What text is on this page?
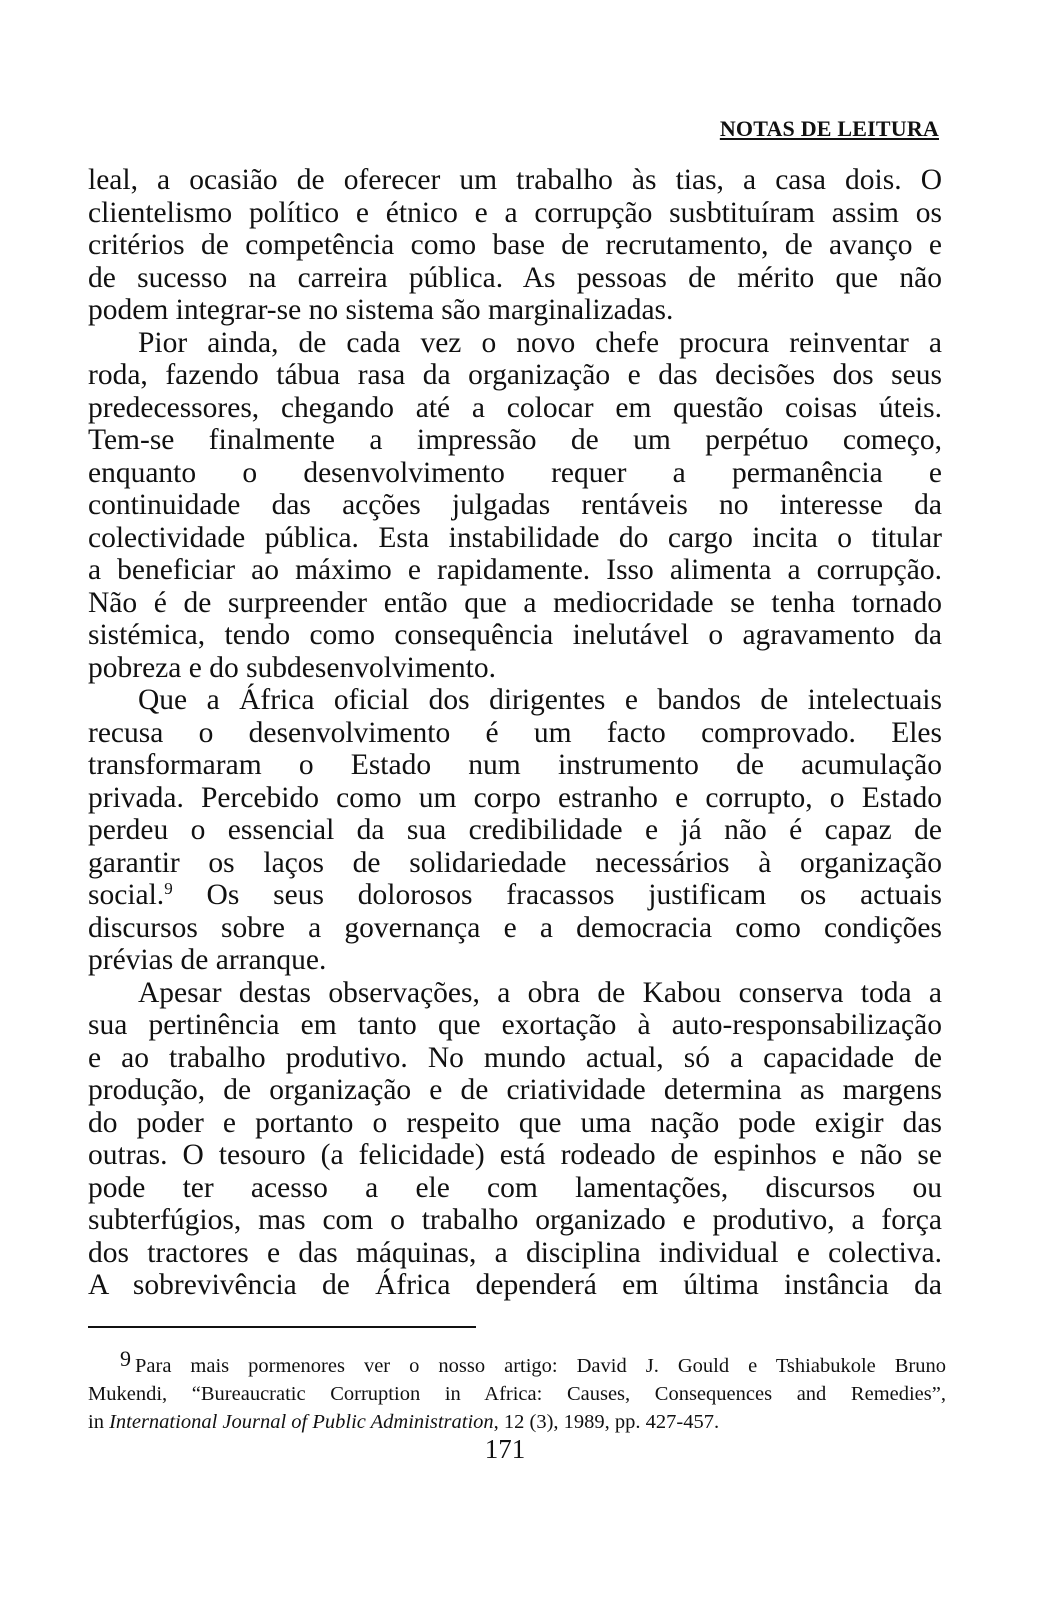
NOTAS DE LEITURA
leal, a ocasião de oferecer um trabalho às tias, a casa dois. O
clientelismo político e étnico e a corrupção susbtituíram assim os
critérios de competência como base de recrutamento, de avanço e
de sucesso na carreira pública. As pessoas de mérito que não
podem integrar-se no sistema são marginalizadas.
Pior ainda, de cada vez o novo chefe procura reinventar a
roda, fazendo tábua rasa da organização e das decisões dos seus
predecessores, chegando até a colocar em questão coisas úteis.
Tem-se finalmente a impressão de um perpétuo começo,
enquanto o desenvolvimento requer a permanência e
continuidade das acções julgadas rentáveis no interesse da
colectividade pública. Esta instabilidade do cargo incita o titular
a beneficiar ao máximo e rapidamente. Isso alimenta a corrupção.
Não é de surpreender então que a mediocridade se tenha tornado
sistémica, tendo como consequência inelutável o agravamento da
pobreza e do subdesenvolvimento.
Que a África oficial dos dirigentes e bandos de intelectuais
recusa o desenvolvimento é um facto comprovado. Eles
transformaram o Estado num instrumento de acumulação
privada. Percebido como um corpo estranho e corrupto, o Estado
perdeu o essencial da sua credibilidade e já não é capaz de
garantir os laços de solidariedade necessários à organização
social.$^9$ Os seus dolorosos fracassos justificam os actuais
discursos sobre a governança e a democracia como condições
prévias de arranque.
Apesar destas observações, a obra de Kabou conserva toda a
sua pertinência em tanto que exortação à auto-responsabilização
e ao trabalho produtivo. No mundo actual, só a capacidade de
produção, de organização e de criatividade determina as margens
do poder e portanto o respeito que uma nação pode exigir das
outras. O tesouro (a felicidade) está rodeado de espinhos e não se
pode ter acesso a ele com lamentações, discursos ou
subterfúgios, mas com o trabalho organizado e produtivo, a força
dos tractores e das máquinas, a disciplina individual e colectiva.
A sobrevivência de África dependerá em última instância da
9 Para mais pormenores ver o nosso artigo: David J. Gould e Tshiabukole Bruno
Mukendi, “Bureaucratic Corruption in Africa: Causes, Consequences and Remedies”,
in International Journal of Public Administration, 12 (3), 1989, pp. 427-457.
171
